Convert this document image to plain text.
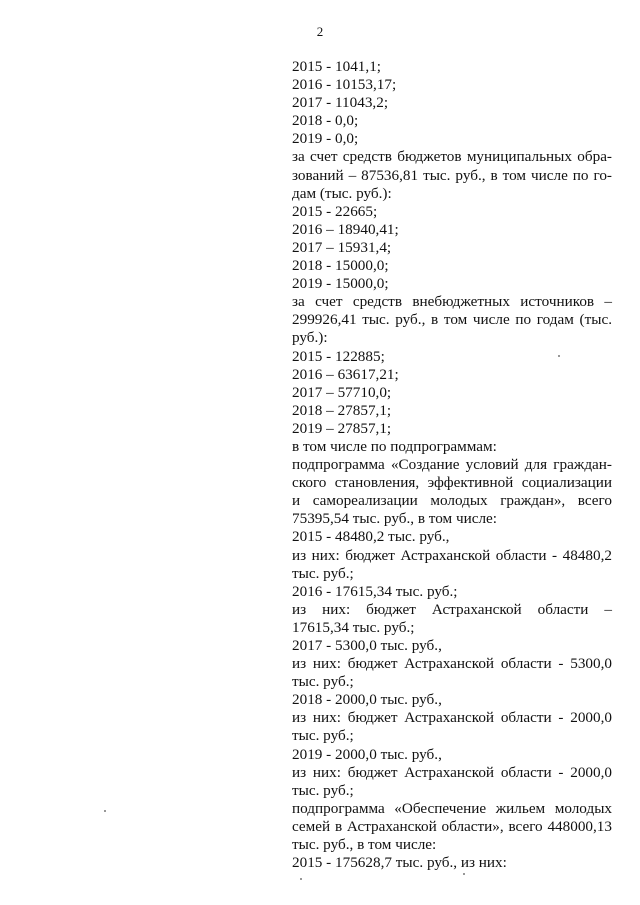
2

2015 - 1041,1;

2016 - 10153,17;

2017 - 11043,2;

2018 - 0,0;

2019 - 0,0;

за счет средств бюджетов муниципальных обра-

зований – 87536,81 тыс. руб., в том числе по го-

дам (тыс. руб.):

2015 - 22665;

2016 – 18940,41;

2017 – 15931,4;

2018 - 15000,0;

2019 - 15000,0;

за счет средств внебюджетных источников –

299926,41 тыс. руб., в том числе по годам (тыс.

руб.):

2015 - 122885;

2016 – 63617,21;

2017 – 57710,0;

2018 – 27857,1;

2019 – 27857,1;

в том числе по подпрограммам:

подпрограмма «Создание условий для граждан-

ского становления, эффективной социализации

и самореализации молодых граждан», всего

75395,54 тыс. руб., в том числе:

2015 - 48480,2 тыс. руб.,

из них: бюджет Астраханской области - 48480,2

тыс. руб.;

2016 - 17615,34 тыс. руб.;

из них: бюджет Астраханской области –

17615,34 тыс. руб.;

2017 - 5300,0 тыс. руб.,

из них: бюджет Астраханской области - 5300,0

тыс. руб.;

2018 - 2000,0 тыс. руб.,

из них: бюджет Астраханской области - 2000,0

тыс. руб.;

2019 - 2000,0 тыс. руб.,

из них: бюджет Астраханской области - 2000,0

тыс. руб.;

подпрограмма «Обеспечение жильем молодых

семей в Астраханской области», всего 448000,13

тыс. руб., в том числе:

2015 - 175628,7 тыс. руб., из них:
